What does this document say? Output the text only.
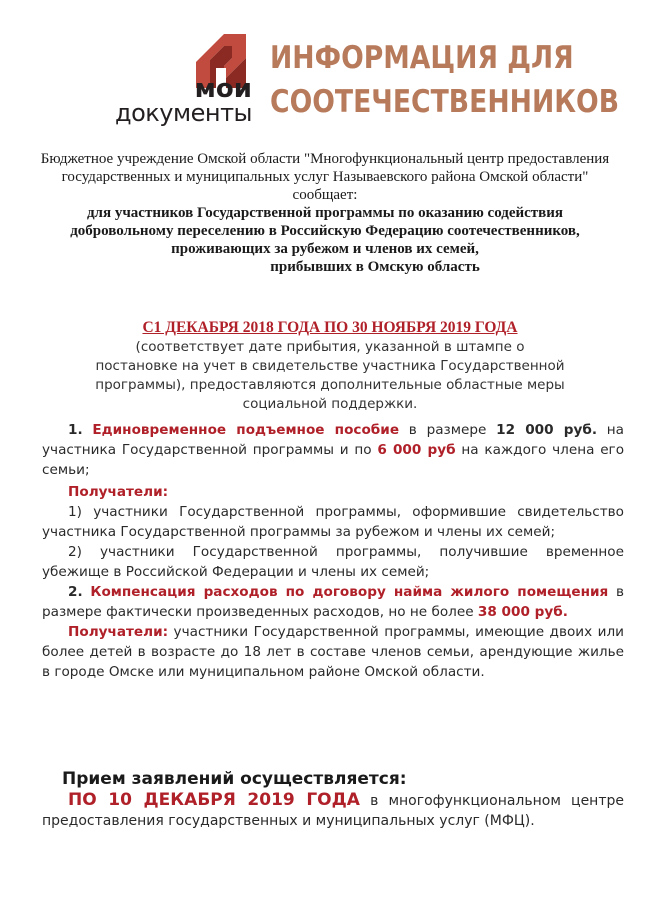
мои
документы
ИНФОРМАЦИЯ ДЛЯ
СООТЕЧЕСТВЕННИКОВ
Бюджетное учреждение Омской области "Многофункциональный центр предоставления
государственных и муниципальных услуг Называевского района Омской области"
сообщает:
для участников Государственной программы по оказанию содействия
добровольному переселению в Российскую Федерацию соотечественников,
проживающих за рубежом и членов их семей,
прибывших в Омскую область
С1 ДЕКАБРЯ 2018 ГОДА ПО 30 НОЯБРЯ 2019 ГОДА
(соответствует дате прибытия, указанной в штампе о
постановке на учет в свидетельстве участника Государственной
программы), предоставляются дополнительные областные меры
социальной поддержки.

1. Единовременное подъемное пособие в размере 12 000 руб. на участника Государственной программы и по 6 000 руб на каждого члена его семьи;

Получатели:

1) участники Государственной программы, оформившие свидетельство участника Государственной программы за рубежом и члены их семей;

2) участники Государственной программы, получившие временное убежище в Российской Федерации и члены их семей;

2. Компенсация расходов по договору найма жилого помещения в размере фактически произведенных расходов, но не более 38 000 руб.

Получатели: участники Государственной программы, имеющие двоих или более детей в возрасте до 18 лет в составе членов семьи, арендующие жилье в городе Омске или муниципальном районе Омской области.

Прием заявлений осуществляется:

ПО 10 ДЕКАБРЯ 2019 ГОДА в многофункциональном центре предоставления государственных и муниципальных услуг (МФЦ).
